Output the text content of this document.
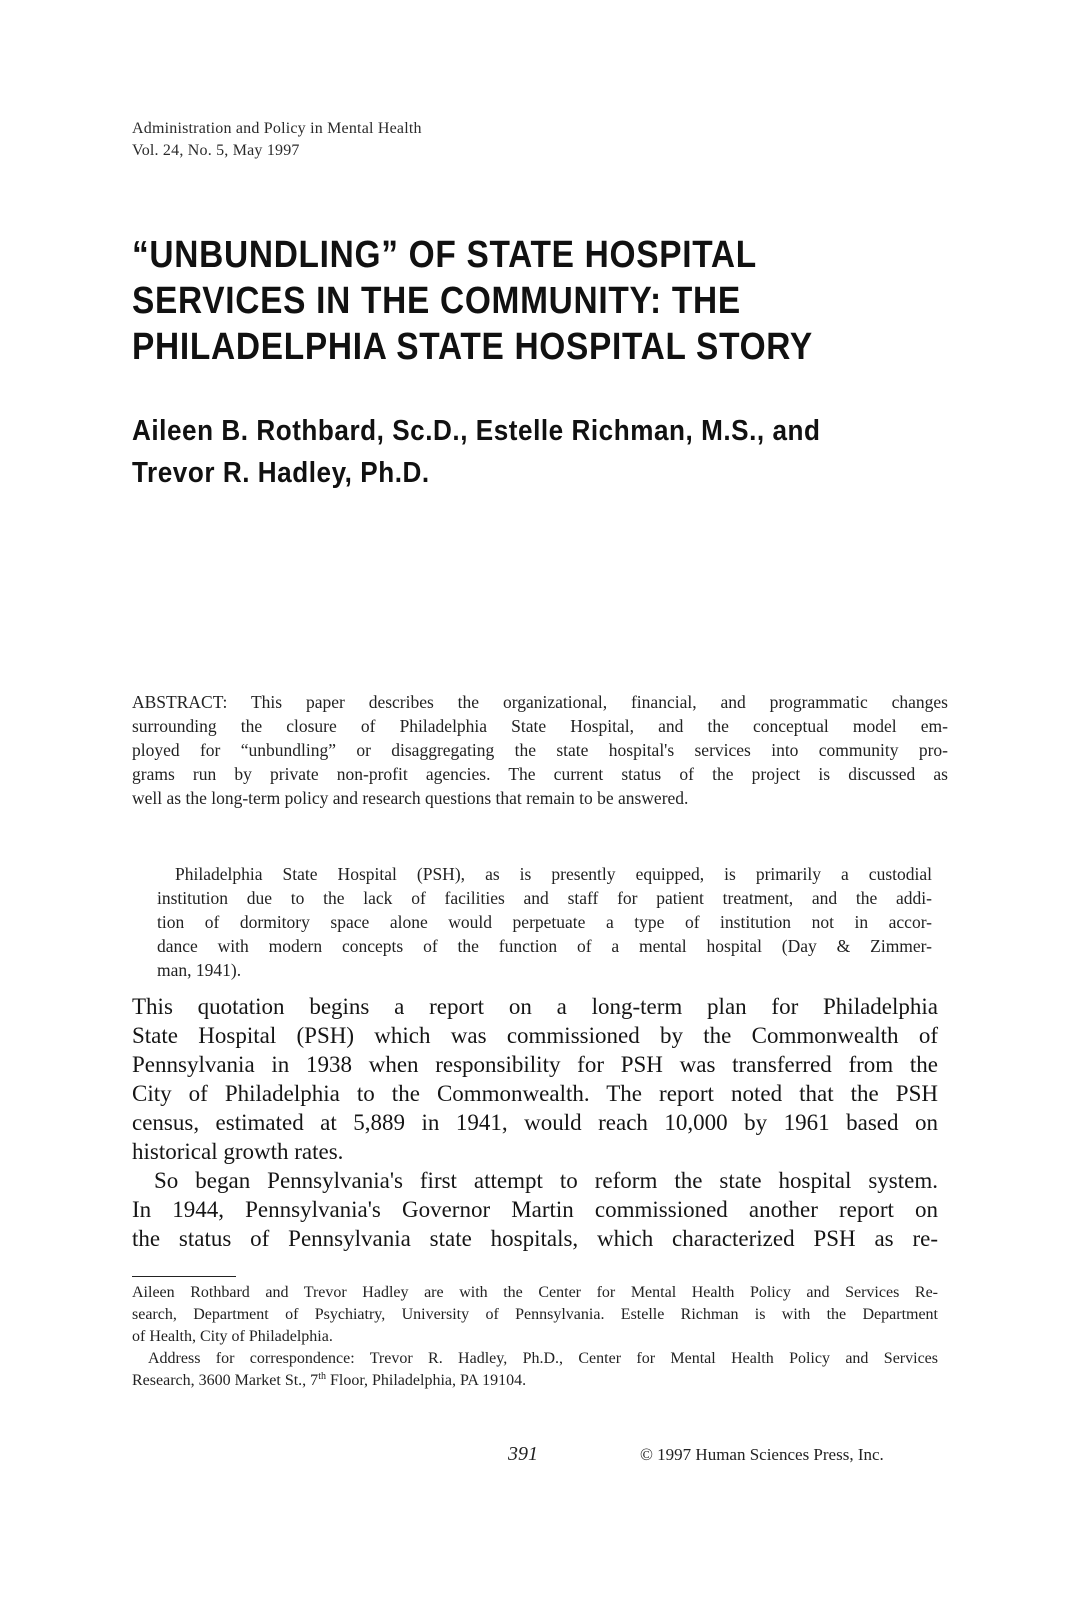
Administration and Policy in Mental Health
Vol. 24, No. 5, May 1997
“UNBUNDLING” OF STATE HOSPITAL
SERVICES IN THE COMMUNITY: THE
PHILADELPHIA STATE HOSPITAL STORY
Aileen B. Rothbard, Sc.D., Estelle Richman, M.S., and
Trevor R. Hadley, Ph.D.
ABSTRACT: This paper describes the organizational, financial, and programmatic changes
surrounding the closure of Philadelphia State Hospital, and the conceptual model em-
ployed for “unbundling” or disaggregating the state hospital's services into community pro-
grams run by private non-profit agencies. The current status of the project is discussed as
well as the long-term policy and research questions that remain to be answered.
Philadelphia State Hospital (PSH), as is presently equipped, is primarily a custodial
institution due to the lack of facilities and staff for patient treatment, and the addi-
tion of dormitory space alone would perpetuate a type of institution not in accor-
dance with modern concepts of the function of a mental hospital (Day & Zimmer-
man, 1941).
This quotation begins a report on a long-term plan for Philadelphia
State Hospital (PSH) which was commissioned by the Commonwealth of
Pennsylvania in 1938 when responsibility for PSH was transferred from the
City of Philadelphia to the Commonwealth. The report noted that the PSH
census, estimated at 5,889 in 1941, would reach 10,000 by 1961 based on
historical growth rates.
So began Pennsylvania's first attempt to reform the state hospital system.
In 1944, Pennsylvania's Governor Martin commissioned another report on
the status of Pennsylvania state hospitals, which characterized PSH as re-
Aileen Rothbard and Trevor Hadley are with the Center for Mental Health Policy and Services Re-
search, Department of Psychiatry, University of Pennsylvania. Estelle Richman is with the Department
of Health, City of Philadelphia.
Address for correspondence: Trevor R. Hadley, Ph.D., Center for Mental Health Policy and Services
Research, 3600 Market St., 7th Floor, Philadelphia, PA 19104.
391	© 1997 Human Sciences Press, Inc.
